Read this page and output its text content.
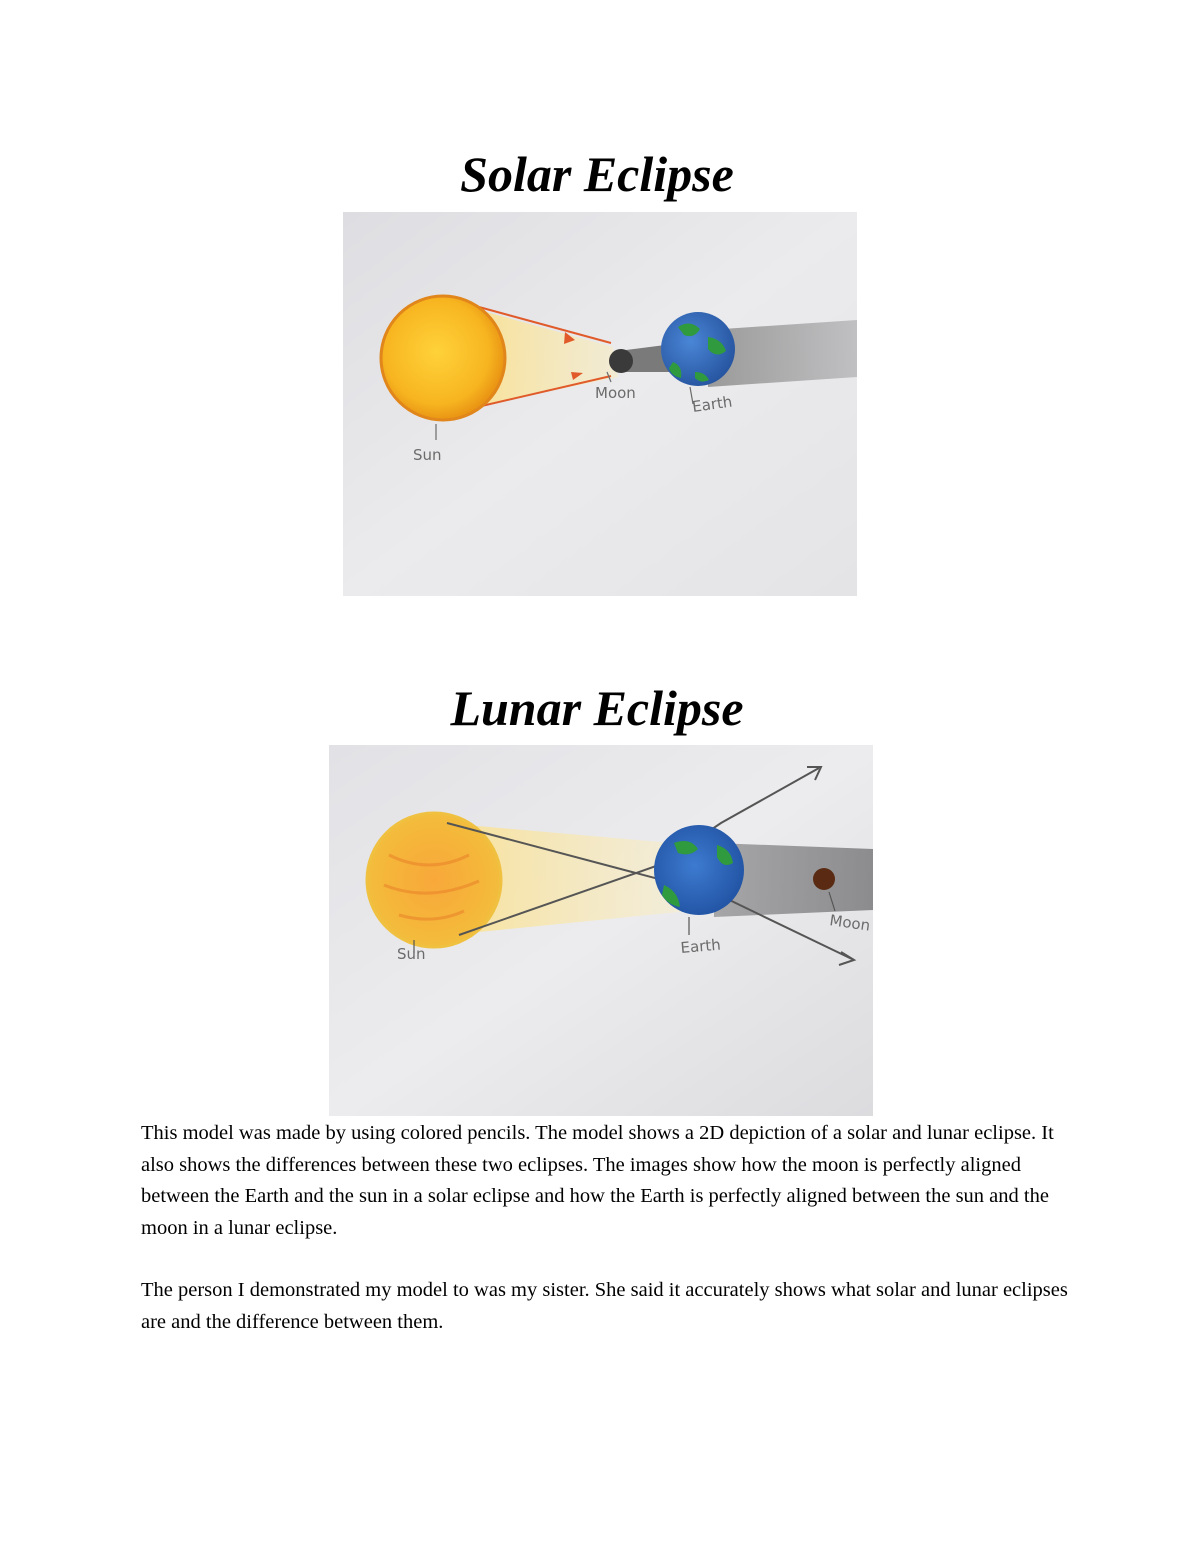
Solar Eclipse
Moon	Earth
Sun
Lunar Eclipse
Moon
Earth
Sun

This model was made by using colored pencils. The model shows a 2D depiction of a solar and lunar eclipse. It also shows the differences between these two eclipses. The images show how the moon is perfectly aligned between the Earth and the sun in a solar eclipse and how the Earth is perfectly aligned between the sun and the moon in a lunar eclipse.

The person I demonstrated my model to was my sister. She said it accurately shows what solar and lunar eclipses are and the difference between them.
